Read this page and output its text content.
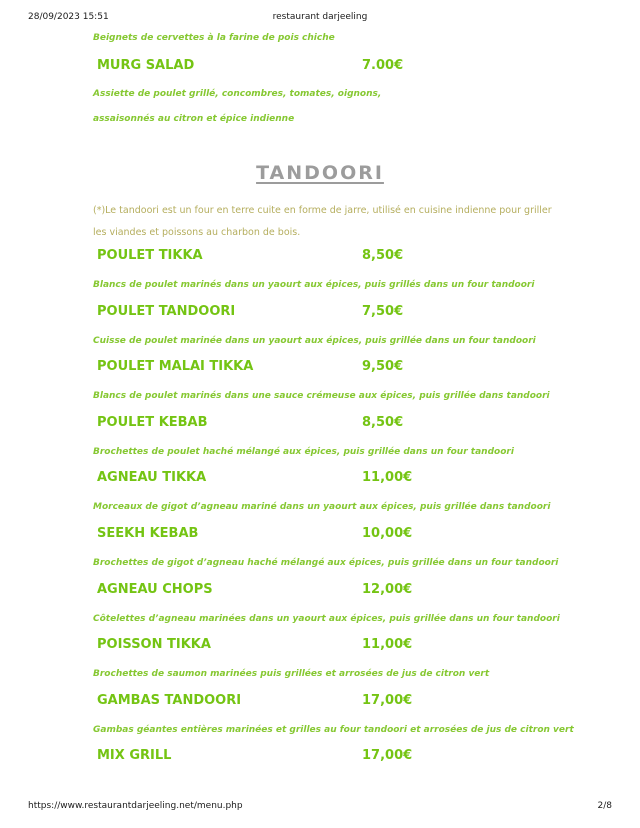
28/09/2023 15:51	restaurant darjeeling
Beignets de cervettes à la farine de pois chiche
MURG SALAD	7.00€
Assiette de poulet grillé, concombres, tomates, oignons,
assaisonnés au citron et épice indienne
TANDOORI
(*)Le tandoori est un four en terre cuite en forme de jarre, utilisé en cuisine indienne pour griller
les viandes et poissons au charbon de bois.
POULET TIKKA	8,50€
Blancs de poulet marinés dans un yaourt aux épices, puis grillés dans un four tandoori
POULET TANDOORI	7,50€
Cuisse de poulet marinée dans un yaourt aux épices, puis grillée dans un four tandoori
POULET MALAI TIKKA	9,50€
Blancs de poulet marinés dans une sauce crémeuse aux épices, puis grillée dans tandoori
POULET KEBAB	8,50€
Brochettes de poulet haché mélangé aux épices, puis grillée dans un four tandoori
AGNEAU TIKKA	11,00€
Morceaux de gigot d’agneau mariné dans un yaourt aux épices, puis grillée dans tandoori
SEEKH KEBAB	10,00€
Brochettes de gigot d’agneau haché mélangé aux épices, puis grillée dans un four tandoori
AGNEAU CHOPS	12,00€
Côtelettes d’agneau marinées dans un yaourt aux épices, puis grillée dans un four tandoori
POISSON TIKKA	11,00€
Brochettes de saumon marinées puis grillées et arrosées de jus de citron vert
GAMBAS TANDOORI	17,00€
Gambas géantes entières marinées et grilles au four tandoori et arrosées de jus de citron vert
MIX GRILL	17,00€
https://www.restaurantdarjeeling.net/menu.php	2/8
